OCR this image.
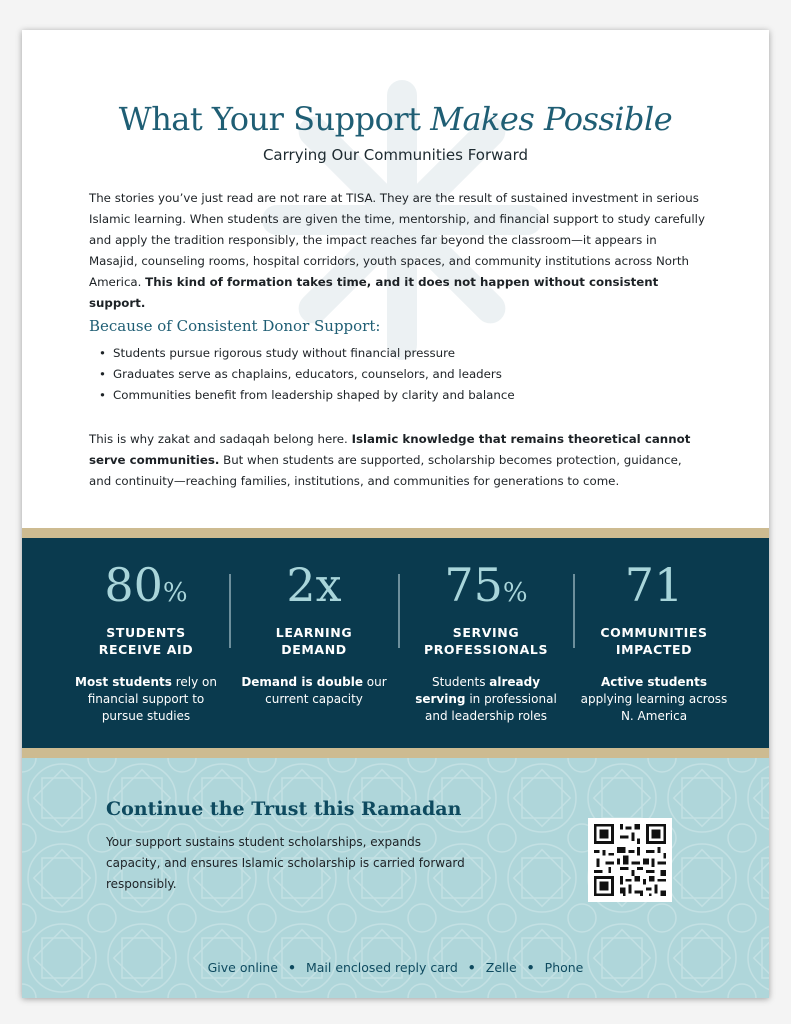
What Your Support Makes Possible
Carrying Our Communities Forward

The stories you’ve just read are not rare at TISA. They are the result of sustained investment in serious Islamic learning. When students are given the time, mentorship, and financial support to study carefully and apply the tradition responsibly, the impact reaches far beyond the classroom—it appears in Masajid, counseling rooms, hospital corridors, youth spaces, and community institutions across North America. This kind of formation takes time, and it does not happen without consistent support.

Because of Consistent Donor Support:
• Students pursue rigorous study without financial pressure
• Graduates serve as chaplains, educators, counselors, and leaders
• Communities benefit from leadership shaped by clarity and balance

This is why zakat and sadaqah belong here. Islamic knowledge that remains theoretical cannot serve communities. But when students are supported, scholarship becomes protection, guidance, and continuity—reaching families, institutions, and communities for generations to come.

80%
STUDENTS
RECEIVE AID
Most students rely on financial support to pursue studies
2x
LEARNING
DEMAND
Demand is double our current capacity
75%
SERVING
PROFESSIONALS
Students already serving in professional and leadership roles
71
COMMUNITIES
IMPACTED
Active students applying learning across N. America
Continue the Trust this Ramadan

Your support sustains student scholarships, expands capacity, and ensures Islamic scholarship is carried forward responsibly.

Give online • Mail enclosed reply card • Zelle • Phone
